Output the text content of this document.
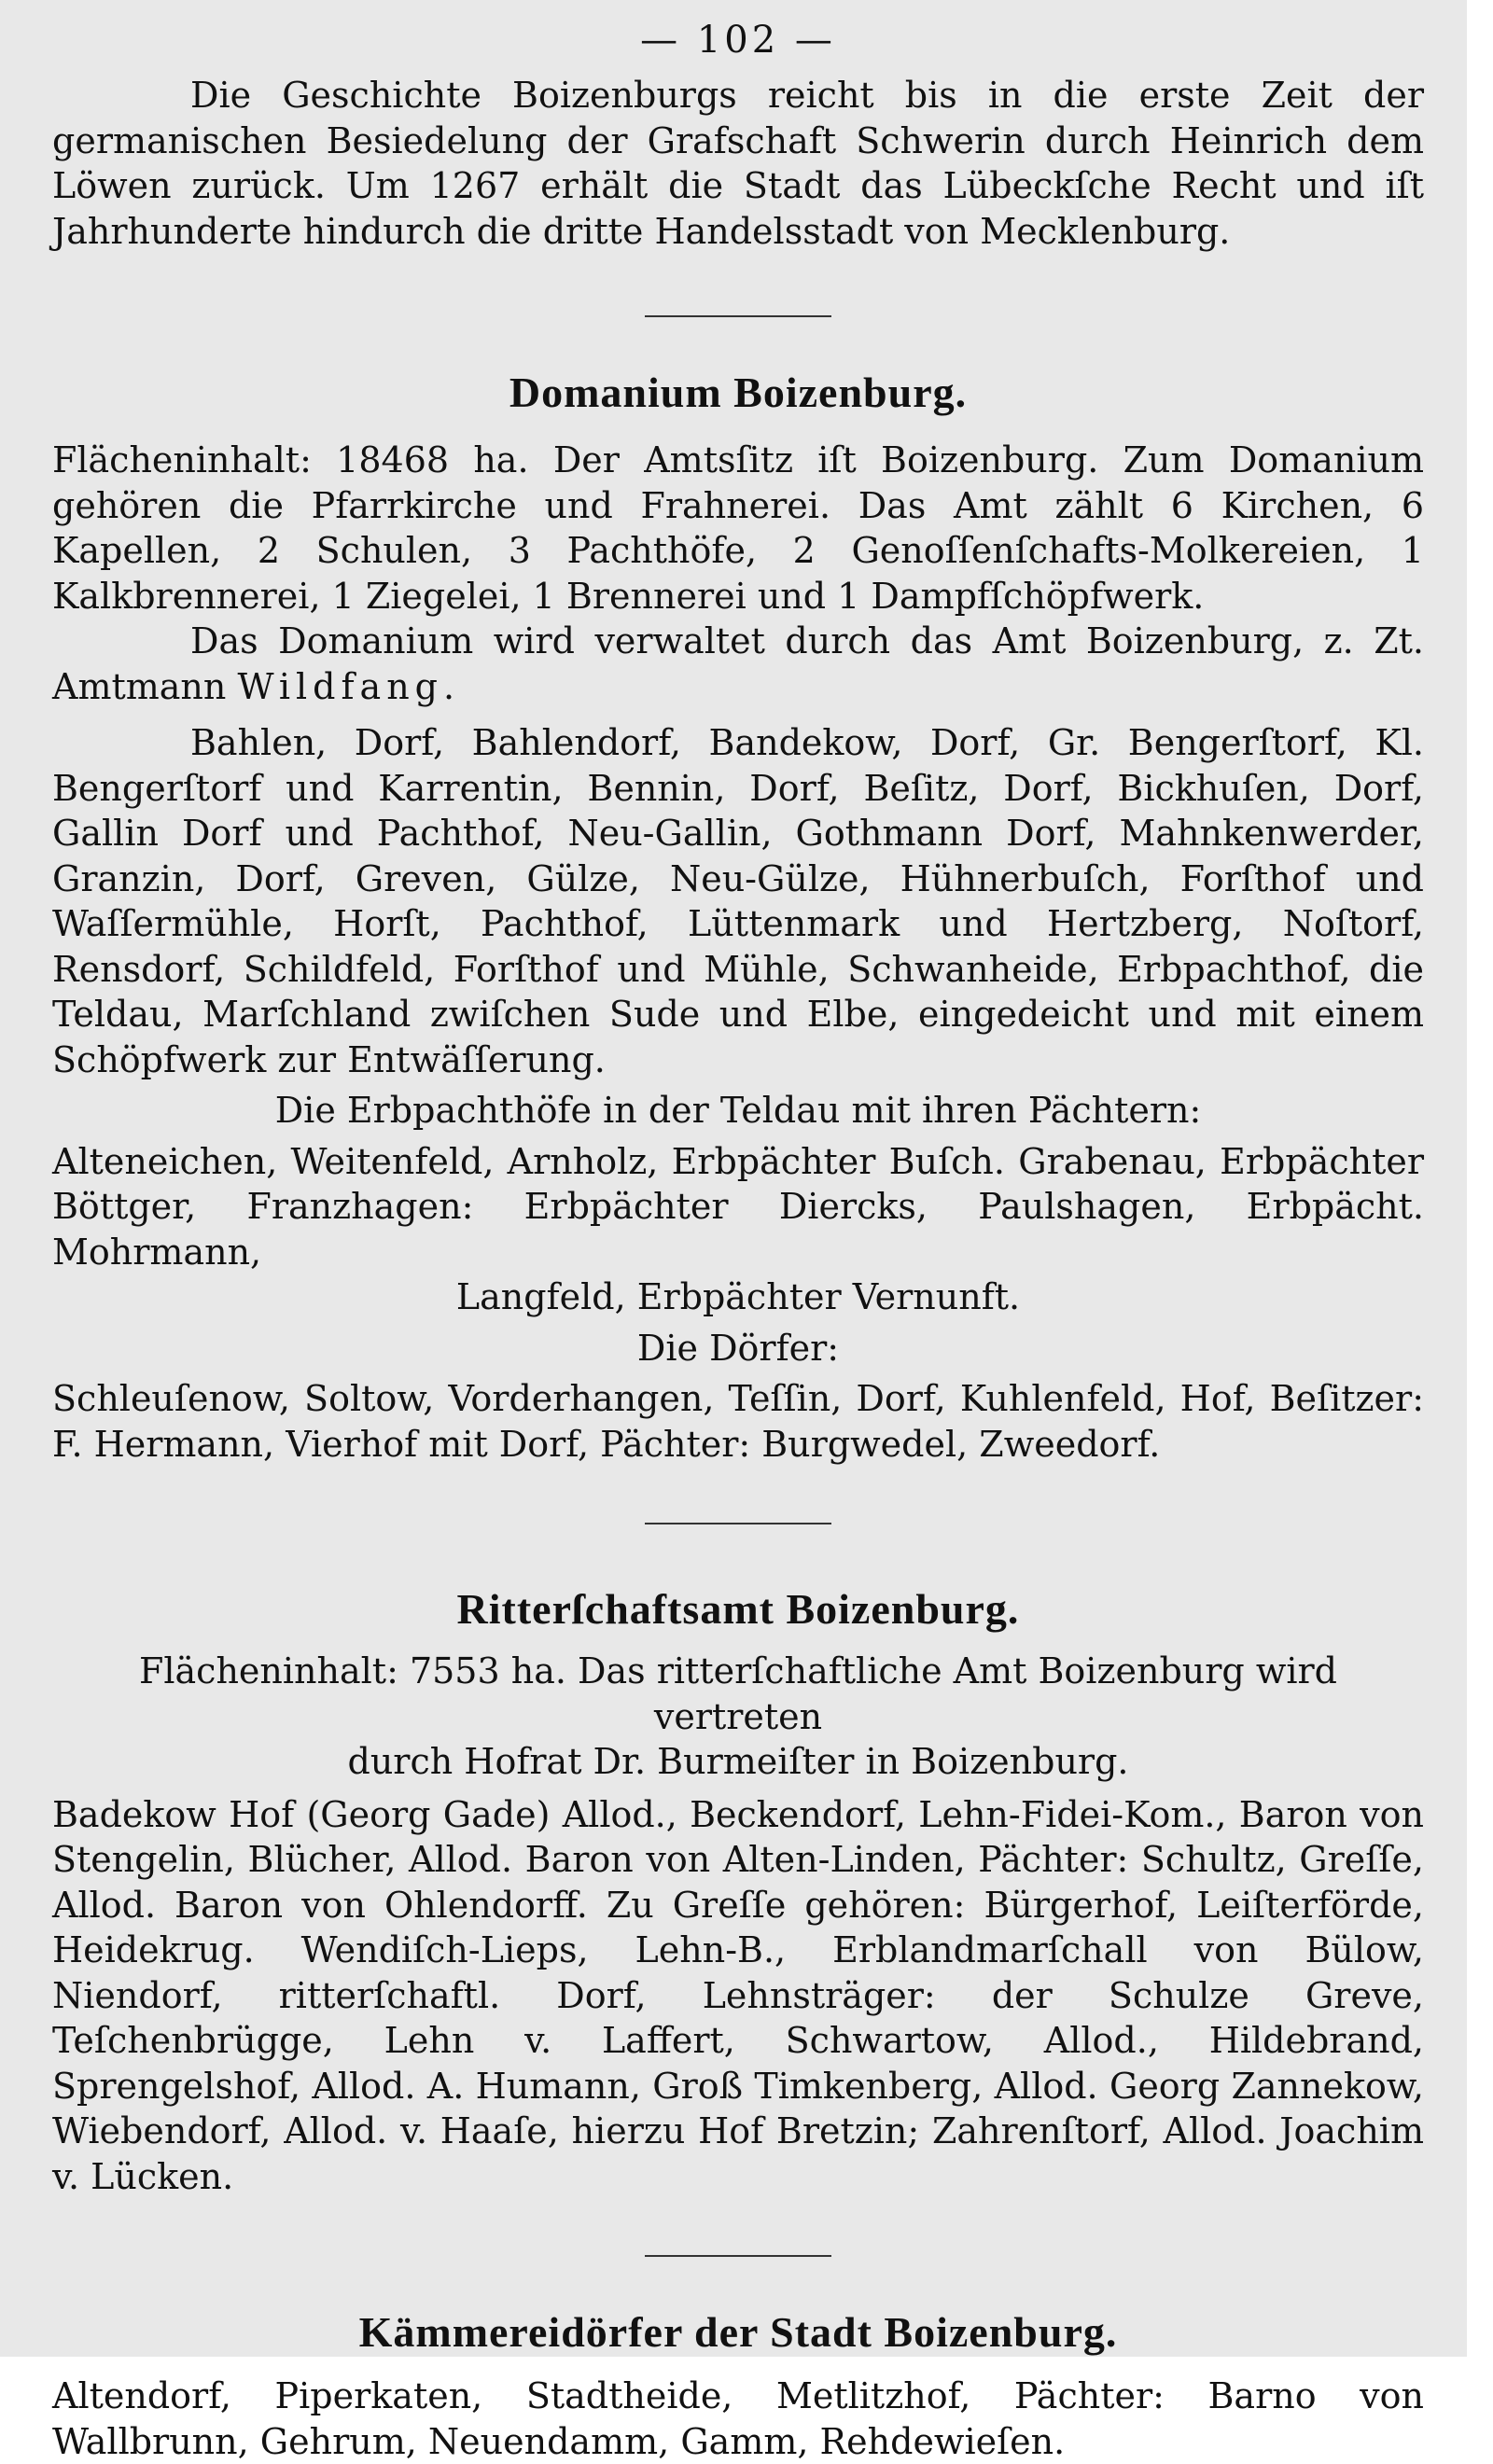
— 102 —

Die Geschichte Boizenburgs reicht bis in die erste Zeit der germanischen Besiedelung der Grafschaft Schwerin durch Heinrich dem Löwen zurück. Um 1267 erhält die Stadt das Lübeckſche Recht und iſt Jahrhunderte hindurch die dritte Handelsstadt von Mecklenburg.

Domanium Boizenburg.

Flächeninhalt: 18468 ha. Der Amtsſitz iſt Boizenburg. Zum Domanium gehören die Pfarrkirche und Frahnerei. Das Amt zählt 6 Kirchen, 6 Kapellen, 2 Schulen, 3 Pachthöfe, 2 Genoſſenſchafts-Molkereien, 1 Kalkbrennerei, 1 Ziegelei, 1 Brennerei und 1 Dampfſchöpfwerk.

Das Domanium wird verwaltet durch das Amt Boizenburg, z. Zt. Amtmann Wildfang.

Bahlen, Dorf, Bahlendorf, Bandekow, Dorf, Gr. Bengerſtorf, Kl. Bengerſtorf und Karrentin, Bennin, Dorf, Beſitz, Dorf, Bickhuſen, Dorf, Gallin Dorf und Pachthof, Neu-Gallin, Gothmann Dorf, Mahnkenwerder, Granzin, Dorf, Greven, Gülze, Neu-Gülze, Hühnerbuſch, Forſthof und Waſſermühle, Horſt, Pachthof, Lüttenmark und Hertzberg, Noſtorf, Rensdorf, Schildfeld, Forſthof und Mühle, Schwanheide, Erbpachthof, die Teldau, Marſchland zwiſchen Sude und Elbe, eingedeicht und mit einem Schöpfwerk zur Entwäſſerung.

Die Erbpachthöfe in der Teldau mit ihren Pächtern:

Alteneichen, Weitenfeld, Arnholz, Erbpächter Buſch. Grabenau, Erbpächter Böttger, Franzhagen: Erbpächter Diercks, Paulshagen, Erbpächt. Mohrmann,

Langfeld, Erbpächter Vernunft.

Die Dörfer:

Schleuſenow, Soltow, Vorderhangen, Teſſin, Dorf, Kuhlenfeld, Hof, Beſitzer: F. Hermann, Vierhof mit Dorf, Pächter: Burgwedel, Zweedorf.

Ritterſchaftsamt Boizenburg.

Flächeninhalt: 7553 ha. Das ritterſchaftliche Amt Boizenburg wird vertreten

durch Hofrat Dr. Burmeiſter in Boizenburg.

Badekow Hof (Georg Gade) Allod., Beckendorf, Lehn-Fidei-Kom., Baron von Stengelin, Blücher, Allod. Baron von Alten-Linden, Pächter: Schultz, Greſſe, Allod. Baron von Ohlendorff. Zu Greſſe gehören: Bürgerhof, Leiſterförde, Heidekrug. Wendiſch-Lieps, Lehn-B., Erblandmarſchall von Bülow, Niendorf, ritterſchaftl. Dorf, Lehnsträger: der Schulze Greve, Teſchenbrügge, Lehn v. Laffert, Schwartow, Allod., Hildebrand, Sprengelshof, Allod. A. Humann, Groß Timkenberg, Allod. Georg Zannekow, Wiebendorf, Allod. v. Haaſe, hierzu Hof Bretzin; Zahrenſtorf, Allod. Joachim v. Lücken.

Kämmereidörfer der Stadt Boizenburg.

Altendorf, Piperkaten, Stadtheide, Metlitzhof, Pächter: Barno von Wallbrunn, Gehrum, Neuendamm, Gamm, Rehdewieſen.
